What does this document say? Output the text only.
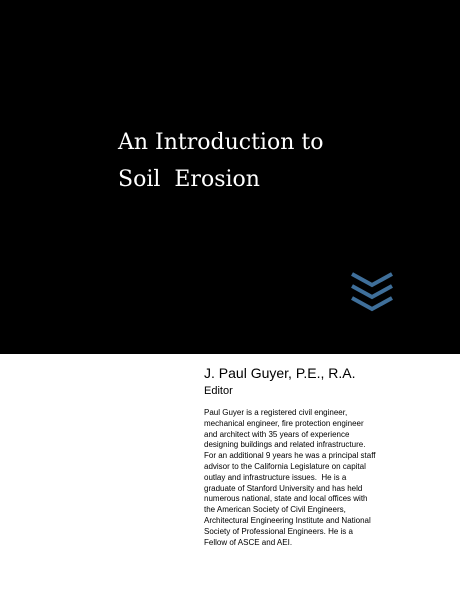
An Introduction to
Soil  Erosion
J. Paul Guyer, P.E., R.A.
Editor

Paul Guyer is a registered civil engineer,
mechanical engineer, fire protection engineer
and architect with 35 years of experience
designing buildings and related infrastructure.
For an additional 9 years he was a principal staff
advisor to the California Legislature on capital
outlay and infrastructure issues.  He is a
graduate of Stanford University and has held
numerous national, state and local offices with
the American Society of Civil Engineers,
Architectural Engineering Institute and National
Society of Professional Engineers. He is a
Fellow of ASCE and AEI.
